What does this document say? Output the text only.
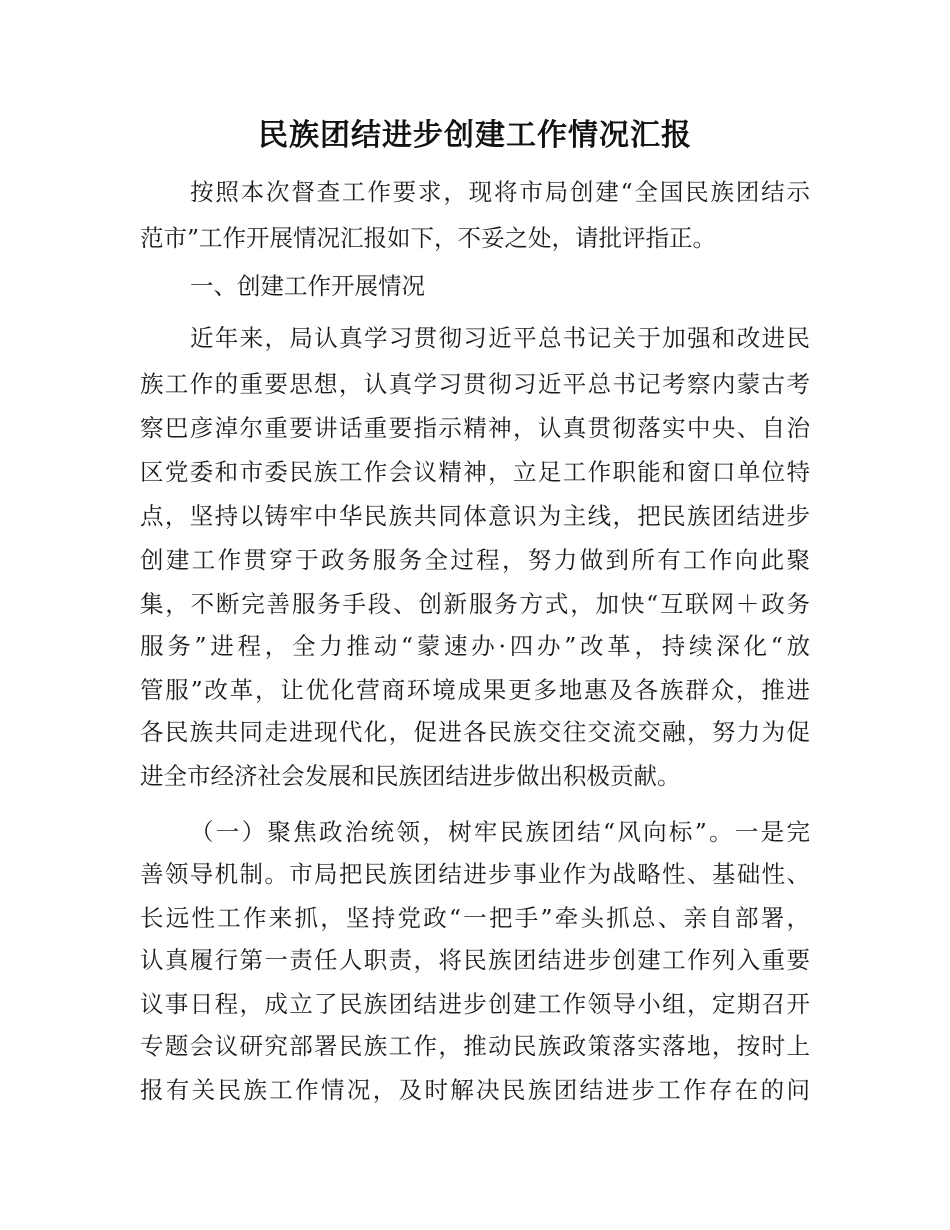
民族团结进步创建工作情况汇报
按照本次督查工作要求，现将市局创建“全国民族团结示
范市”工作开展情况汇报如下，不妥之处，请批评指正。
一、创建工作开展情况
近年来，局认真学习贯彻习近平总书记关于加强和改进民
族工作的重要思想，认真学习贯彻习近平总书记考察内蒙古考
察巴彦淖尔重要讲话重要指示精神，认真贯彻落实中央、自治
区党委和市委民族工作会议精神，立足工作职能和窗口单位特
点，坚持以铸牢中华民族共同体意识为主线，把民族团结进步
创建工作贯穿于政务服务全过程，努力做到所有工作向此聚
集，不断完善服务手段、创新服务方式，加快“互联网＋政务
服务”进程，全力推动“蒙速办·四办”改革，持续深化“放
管服”改革，让优化营商环境成果更多地惠及各族群众，推进
各民族共同走进现代化，促进各民族交往交流交融，努力为促
进全市经济社会发展和民族团结进步做出积极贡献。
（一）聚焦政治统领，树牢民族团结“风向标”。一是完
善领导机制。市局把民族团结进步事业作为战略性、基础性、
长远性工作来抓，坚持党政“一把手”牵头抓总、亲自部署，
认真履行第一责任人职责，将民族团结进步创建工作列入重要
议事日程，成立了民族团结进步创建工作领导小组，定期召开
专题会议研究部署民族工作，推动民族政策落实落地，按时上
报有关民族工作情况，及时解决民族团结进步工作存在的问
